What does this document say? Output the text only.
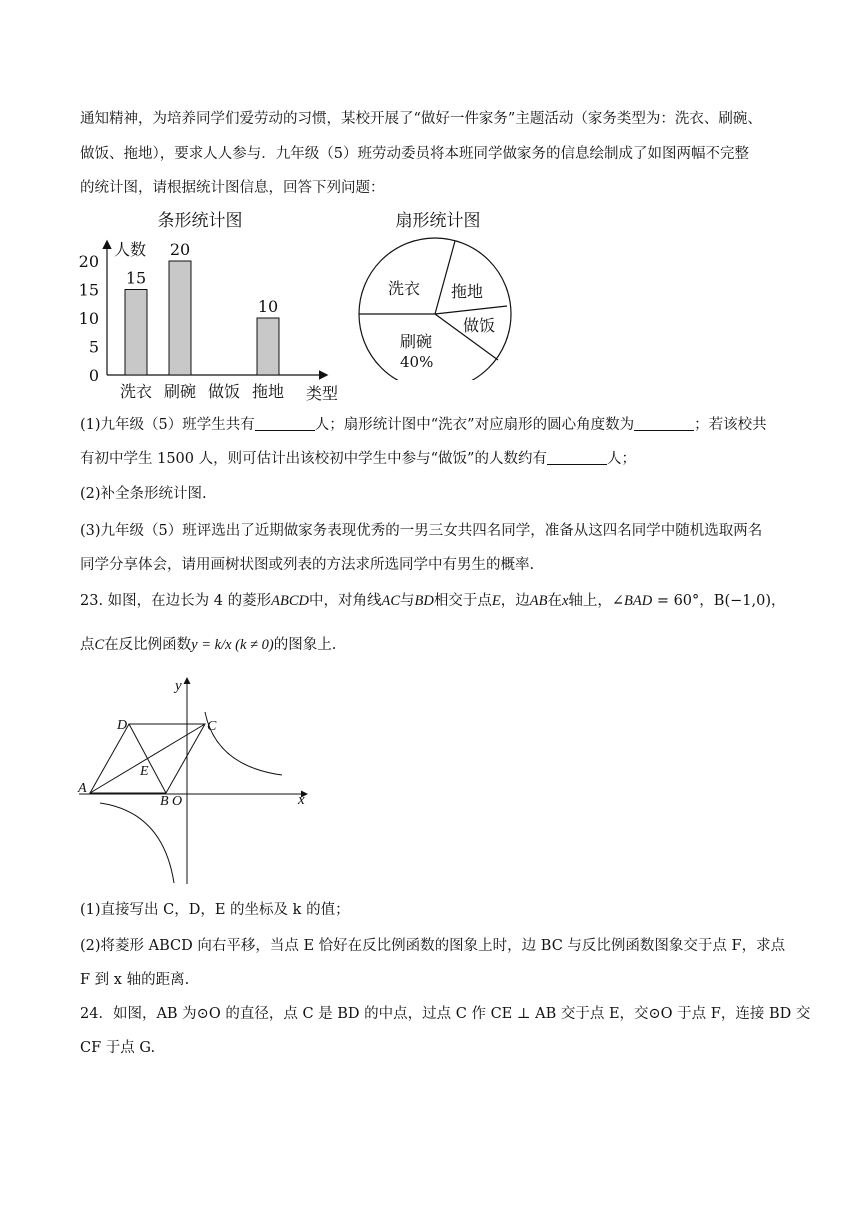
通知精神，为培养同学们爱劳动的习惯，某校开展了“做好一件家务”主题活动（家务类型为：洗衣、刷碗、
做饭、拖地），要求人人参与．九年级（5）班劳动委员将本班同学做家务的信息绘制成了如图两幅不完整
的统计图，请根据统计图信息，回答下列问题：
条形统计图
人数
类型
0
5
10
15
20
15
20
10
洗衣 刷碗 做饭 拖地
扇形统计图
洗衣 拖地
做饭
刷碗
40%
(1)九年级（5）班学生共有	人；扇形统计图中“洗衣”对应扇形的圆心角度数为	；若该校共
有初中学生 1500 人，则可估计出该校初中学生中参与“做饭”的人数约有	人；
(2)补全条形统计图.
(3)九年级（5）班评选出了近期做家务表现优秀的一男三女共四名同学，准备从这四名同学中随机选取两名
同学分享体会，请用画树状图或列表的方法求所选同学中有男生的概率.
23. 如图，在边长为 4 的菱形ABCD中，对角线AC与BD相交于点E，边AB在x轴上，∠BAD = 60°，B(−1,0)，
点C在反比例函数y = k/x (k ≠ 0)的图象上.
y
x
D	C
E
A
B O
(1)直接写出 C，D，E 的坐标及 k 的值；
(2)将菱形 ABCD 向右平移，当点 E 恰好在反比例函数的图象上时，边 BC 与反比例函数图象交于点 F，求点
F 到 x 轴的距离.
24．如图，AB 为⊙O 的直径，点 C 是 BD 的中点，过点 C 作 CE ⊥ AB 交于点 E，交⊙O 于点 F，连接 BD 交
CF 于点 G.
